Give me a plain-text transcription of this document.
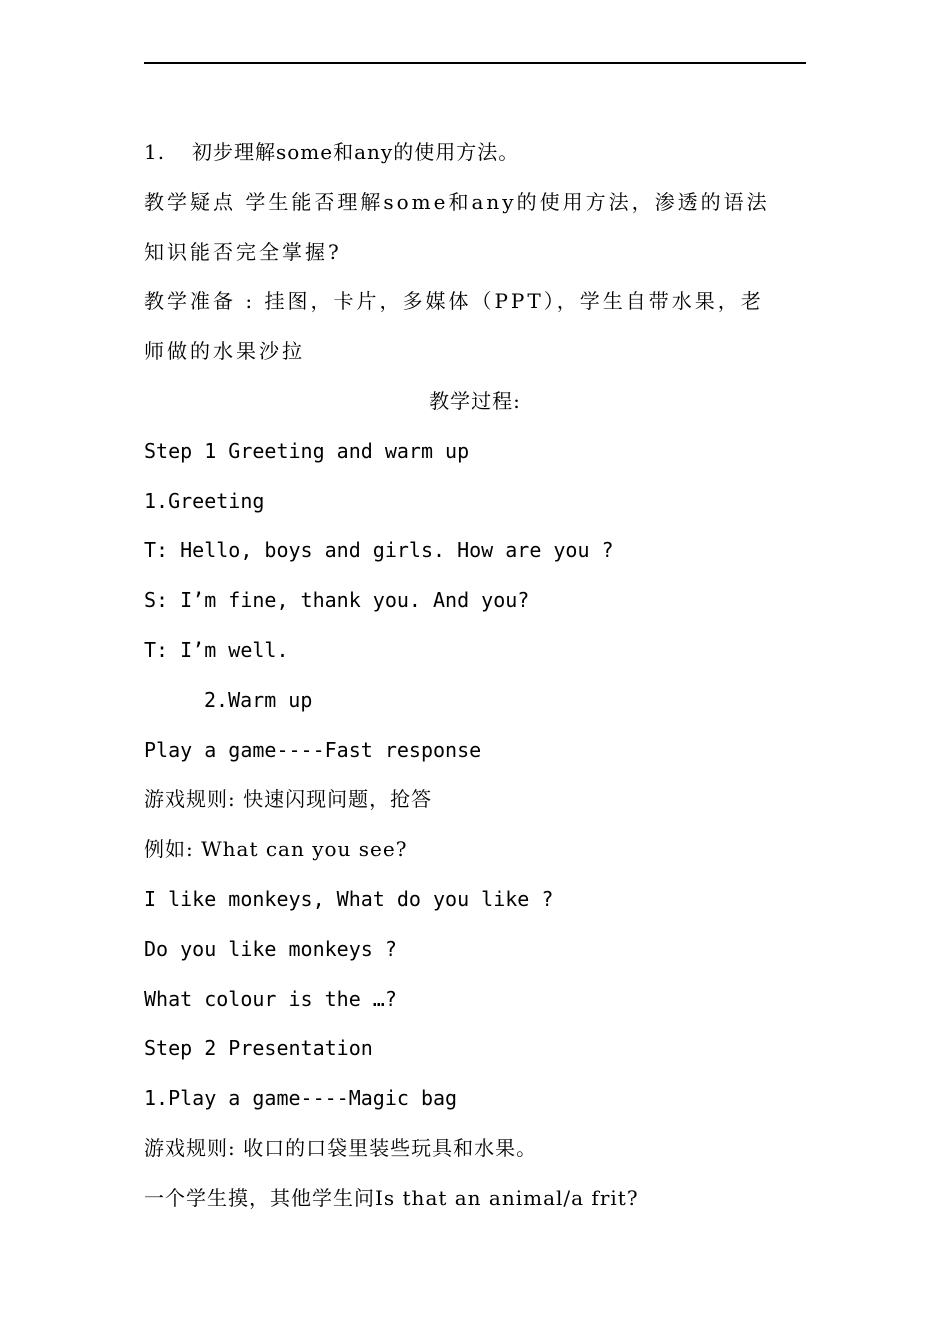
1. 初步理解some和any的使用方法。
教学疑点 学生能否理解some和any的使用方法，渗透的语法
知识能否完全掌握?
教学准备 : 挂图，卡片，多媒体（PPT），学生自带水果，老
师做的水果沙拉
教学过程:
Step 1 Greeting and warm up
1.Greeting
T: Hello, boys and girls. How are you ?
S: I’m fine, thank you. And you?
T: I’m well.
2.Warm up
Play a game----Fast response
游戏规则: 快速闪现问题，抢答
例如: What can you see?
I like monkeys, What do you like ?
Do you like monkeys ?
What colour is the …?
Step 2 Presentation
1.Play a game----Magic bag
游戏规则: 收口的口袋里装些玩具和水果。
一个学生摸，其他学生问Is that an animal/a frit?
